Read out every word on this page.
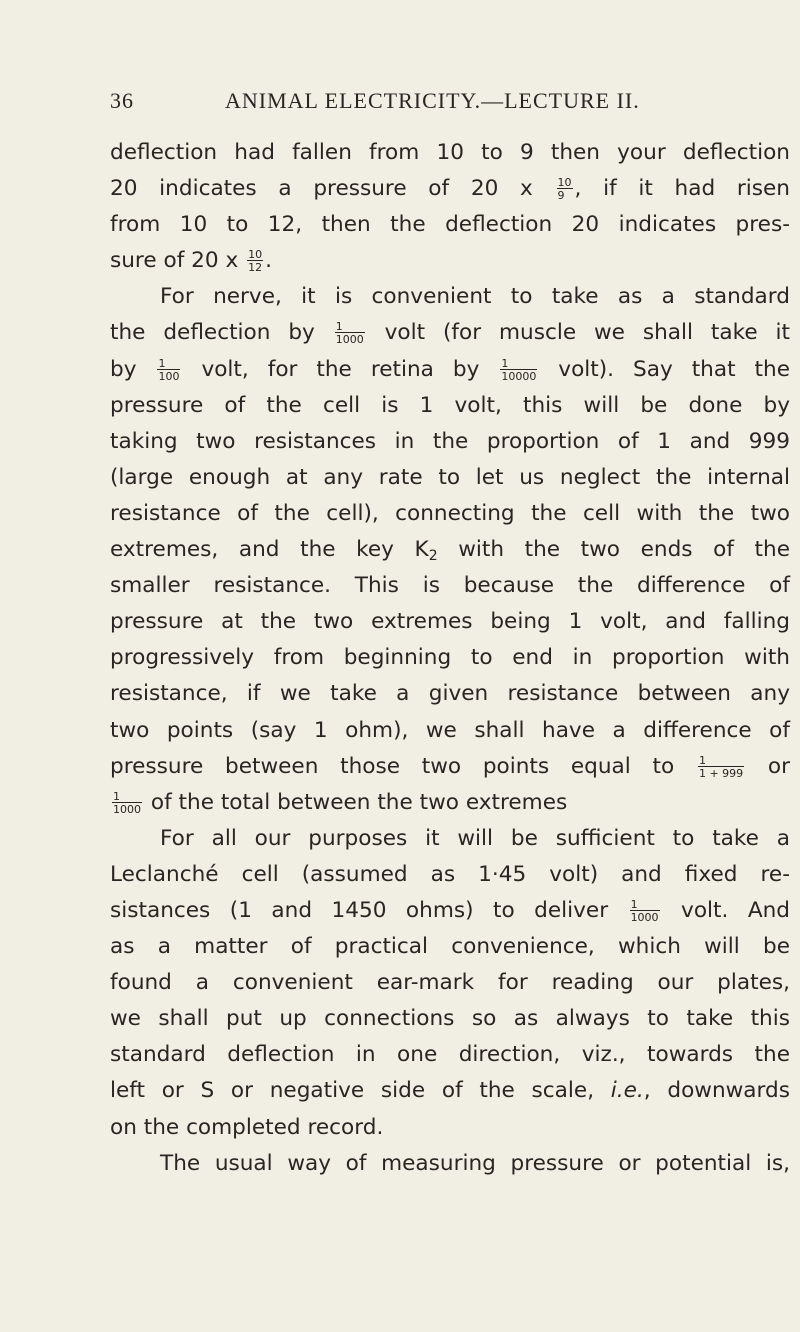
36	ANIMAL ELECTRICITY.—LECTURE II.
deflection had fallen from 10 to 9 then your deflection
20 indicates a pressure of 20 x $\frac{10}{9}$ , if it had risen
from 10 to 12, then the deflection 20 indicates pres-
sure of 20 x $\frac{10}{12}$ .
For nerve, it is convenient to take as a standard
the deflection by $\frac{1}{1000}$ volt (for muscle we shall take it
by $\frac{1}{100}$ volt, for the retina by $\frac{1}{10000}$ volt). Say that the
pressure of the cell is 1 volt, this will be done by
taking two resistances in the proportion of 1 and 999
(large enough at any rate to let us neglect the internal
resistance of the cell), connecting the cell with the two
extremes, and the key $K_2$ with the two ends of the
smaller resistance. This is because the difference of
pressure at the two extremes being 1 volt, and falling
progressively from beginning to end in proportion with
resistance, if we take a given resistance between any
two points (say 1 ohm), we shall have a difference of
pressure between those two points equal to $\frac{1}{1 + 999}$ or
$\frac{1}{1000}$ of the total between the two extremes
For all our purposes it will be sufficient to take a
Leclanché cell (assumed as 1·45 volt) and fixed re-
sistances (1 and 1450 ohms) to deliver $\frac{1}{1000}$ volt. And
as a matter of practical convenience, which will be
found a convenient ear-mark for reading our plates,
we shall put up connections so as always to take this
standard deflection in one direction, viz., towards the
left or S or negative side of the scale, i.e., downwards
on the completed record.
The usual way of measuring pressure or potential is,
